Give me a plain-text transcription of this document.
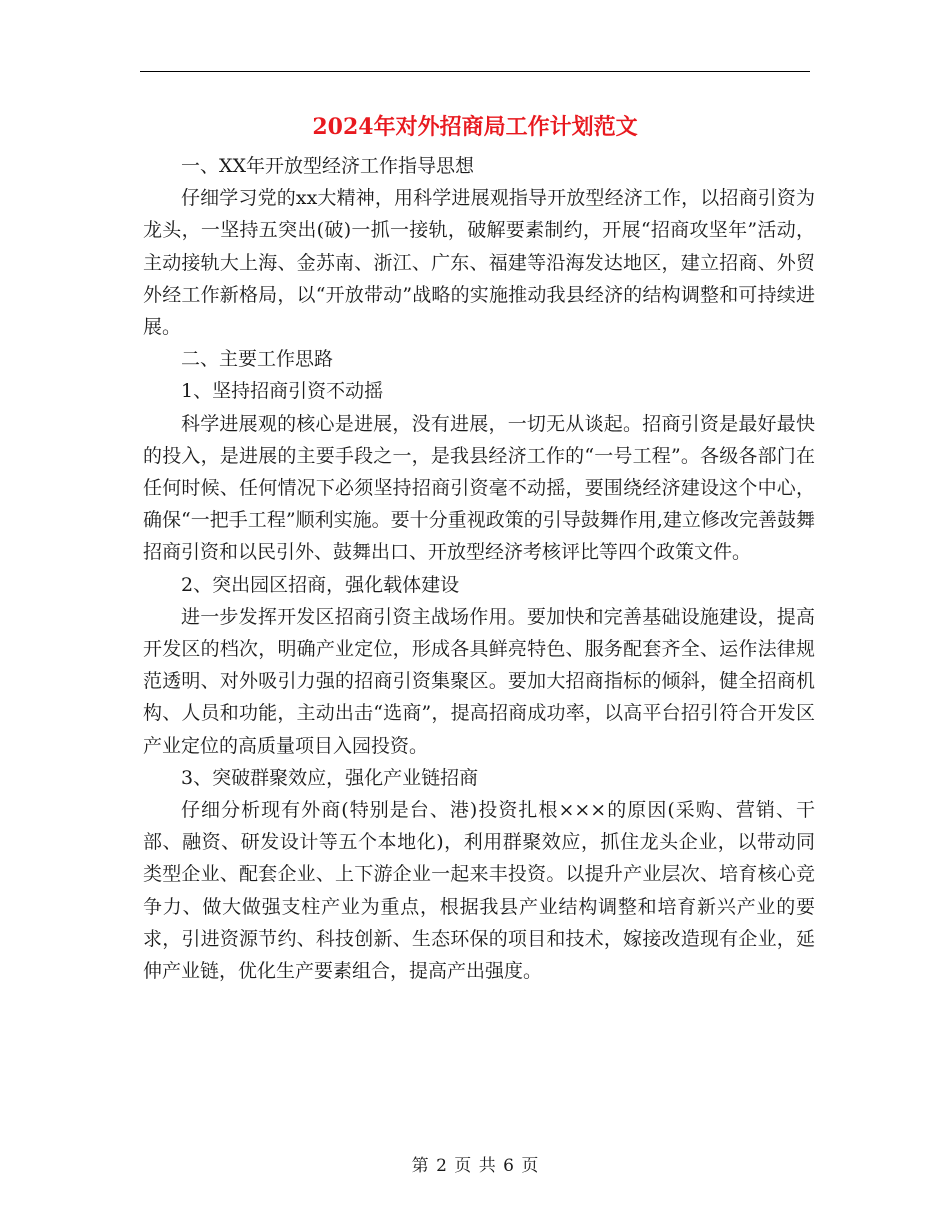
2024年对外招商局工作计划范文

一、XX年开放型经济工作指导思想

仔细学习党的xx大精神，用科学进展观指导开放型经济工作，以招商引资为龙头，一坚持五突出(破)一抓一接轨，破解要素制约，开展“招商攻坚年”活动，主动接轨大上海、金苏南、浙江、广东、福建等沿海发达地区，建立招商、外贸外经工作新格局，以“开放带动”战略的实施推动我县经济的结构调整和可持续进展。

二、主要工作思路

1、坚持招商引资不动摇

科学进展观的核心是进展，没有进展，一切无从谈起。招商引资是最好最快的投入，是进展的主要手段之一，是我县经济工作的“一号工程”。各级各部门在任何时候、任何情况下必须坚持招商引资毫不动摇，要围绕经济建设这个中心，确保“一把手工程”顺利实施。要十分重视政策的引导鼓舞作用,建立修改完善鼓舞招商引资和以民引外、鼓舞出口、开放型经济考核评比等四个政策文件。

2、突出园区招商，强化载体建设

进一步发挥开发区招商引资主战场作用。要加快和完善基础设施建设，提高开发区的档次，明确产业定位，形成各具鲜亮特色、服务配套齐全、运作法律规范透明、对外吸引力强的招商引资集聚区。要加大招商指标的倾斜，健全招商机构、人员和功能，主动出击“选商”，提高招商成功率，以高平台招引符合开发区产业定位的高质量项目入园投资。

3、突破群聚效应，强化产业链招商

仔细分析现有外商(特别是台、港)投资扎根×××的原因(采购、营销、干部、融资、研发设计等五个本地化)，利用群聚效应，抓住龙头企业，以带动同类型企业、配套企业、上下游企业一起来丰投资。以提升产业层次、培育核心竞争力、做大做强支柱产业为重点，根据我县产业结构调整和培育新兴产业的要求，引进资源节约、科技创新、生态环保的项目和技术，嫁接改造现有企业，延伸产业链，优化生产要素组合，提高产出强度。

第 2 页 共 6 页
